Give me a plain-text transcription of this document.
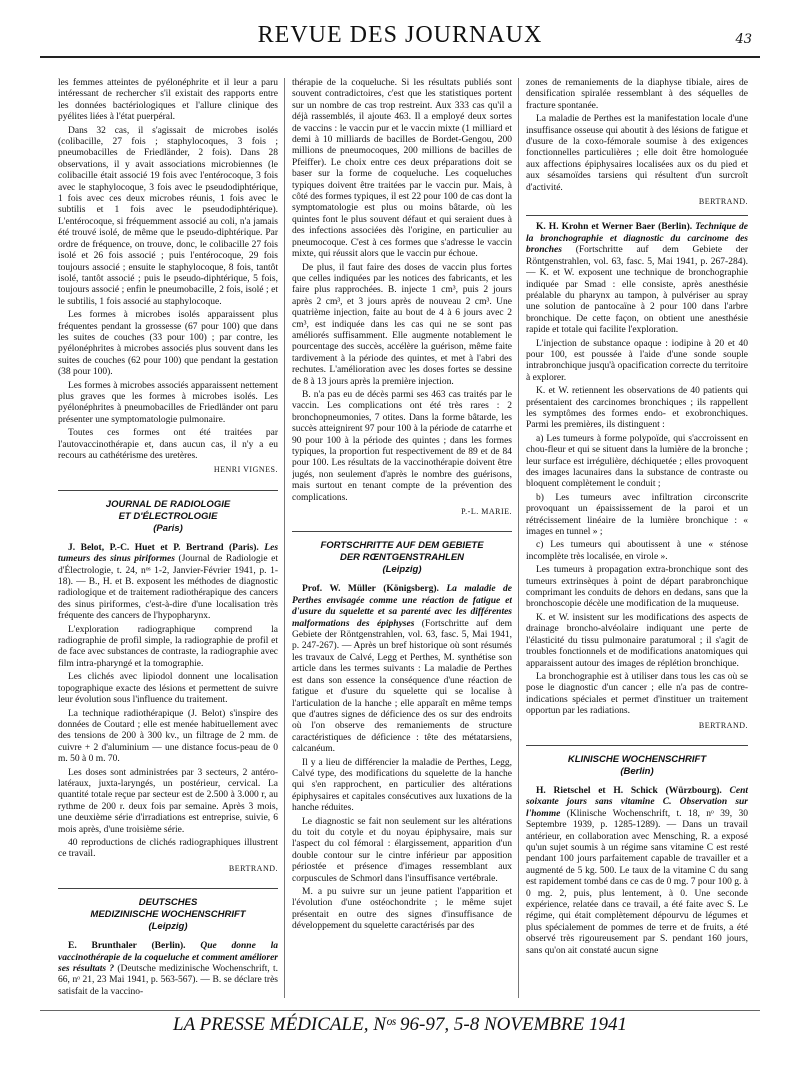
REVUE DES JOURNAUX	43

les femmes atteintes de pyélonéphrite et il leur a paru intéressant de rechercher s'il existait des rapports entre les données bactériologiques et l'allure clinique des pyélites liées à l'état puerpéral.

Dans 32 cas, il s'agissait de microbes isolés (colibacille, 27 fois ; staphylocoques, 3 fois ; pneumobacilles de Friedländer, 2 fois). Dans 28 observations, il y avait associations microbiennes (le colibacille était associé 19 fois avec l'entérocoque, 3 fois avec le staphylocoque, 3 fois avec le pseudodiphtérique, 1 fois avec ces deux microbes réunis, 1 fois avec le subtilis et 1 fois avec le pseudodiphtérique). L'entérocoque, si fréquemment associé au coli, n'a jamais été trouvé isolé, de même que le pseudo-diphtérique. Par ordre de fréquence, on trouve, donc, le colibacille 27 fois isolé et 26 fois associé ; puis l'entérocoque, 29 fois toujours associé ; ensuite le staphylocoque, 8 fois, tantôt isolé, tantôt associé ; puis le pseudo-diphtérique, 5 fois, toujours associé ; enfin le pneumobacille, 2 fois, isolé ; et le subtilis, 1 fois associé au staphylocoque.

Les formes à microbes isolés apparaissent plus fréquentes pendant la grossesse (67 pour 100) que dans les suites de couches (33 pour 100) ; par contre, les pyélonéphrites à microbes associés plus souvent dans les suites de couches (62 pour 100) que pendant la gestation (38 pour 100).

Les formes à microbes associés apparaissent nettement plus graves que les formes à microbes isolés. Les pyélonéphrites à pneumobacilles de Friedländer ont paru présenter une symptomatologie pulmonaire.

Toutes ces formes ont été traitées par l'autovaccinothérapie et, dans aucun cas, il n'y a eu recours au cathétérisme des uretères.

HENRI VIGNES.

JOURNAL DE RADIOLOGIE
ET D'ÉLECTROLOGIE
(Paris)

J. Belot, P.-C. Huet et P. Bertrand (Paris). Les tumeurs des sinus piriformes (Journal de Radiologie et d'Électrologie, t. 24, nᵒˢ 1-2, Janvier-Février 1941, p. 1-18). — B., H. et B. exposent les méthodes de diagnostic radiologique et de traitement radiothérapique des cancers des sinus piriformes, c'est-à-dire d'une localisation très fréquente des cancers de l'hypopharynx.

L'exploration radiographique comprend la radiographie de profil simple, la radiographie de profil et de face avec substances de contraste, la radiographie avec film intra-pharyngé et la tomographie.

Les clichés avec lipiodol donnent une localisation topographique exacte des lésions et permettent de suivre leur évolution sous l'influence du traitement.

La technique radiothérapique (J. Belot) s'inspire des données de Coutard ; elle est menée habituellement avec des tensions de 200 à 300 kv., un filtrage de 2 mm. de cuivre + 2 d'aluminium — une distance focus-peau de 0 m. 50 à 0 m. 70.

Les doses sont administrées par 3 secteurs, 2 antéro-latéraux, juxta-laryngés, un postérieur, cervical. La quantité totale reçue par secteur est de 2.500 à 3.000 r, au rythme de 200 r. deux fois par semaine. Après 3 mois, une deuxième série d'irradiations est entreprise, suivie, 6 mois après, d'une troisième série.

40 reproductions de clichés radiographiques illustrent ce travail.

BERTRAND.

DEUTSCHES
MEDIZINISCHE WOCHENSCHRIFT
(Leipzig)

E. Brunthaler (Berlin). Que donne la vaccinothérapie de la coqueluche et comment améliorer ses résultats ? (Deutsche medizinische Wochenschrift, t. 66, nᵒ 21, 23 Mai 1941, p. 563-567). — B. se déclare très satisfait de la vaccino-

thérapie de la coqueluche. Si les résultats publiés sont souvent contradictoires, c'est que les statistiques portent sur un nombre de cas trop restreint. Aux 333 cas qu'il a déjà rassemblés, il ajoute 463. Il a employé deux sortes de vaccins : le vaccin pur et le vaccin mixte (1 milliard et demi à 10 milliards de bacilles de Bordet-Gengou, 200 millions de pneumocoques, 200 millions de bacilles de Pfeiffer). Le choix entre ces deux préparations doit se baser sur la forme de coqueluche. Les coqueluches typiques doivent être traitées par le vaccin pur. Mais, à côté des formes typiques, il est 22 pour 100 de cas dont la symptomatologie est plus ou moins bâtarde, où les quintes font le plus souvent défaut et qui seraient dues à des infections associées dès l'origine, en particulier au pneumocoque. C'est à ces formes que s'adresse le vaccin mixte, qui réussit alors que le vaccin pur échoue.

De plus, il faut faire des doses de vaccin plus fortes que celles indiquées par les notices des fabricants, et les faire plus rapprochées. B. injecte 1 cm³, puis 2 jours après 2 cm³, et 3 jours après de nouveau 2 cm³. Une quatrième injection, faite au bout de 4 à 6 jours avec 2 cm³, est indiquée dans les cas qui ne se sont pas améliorés suffisamment. Elle augmente notablement le pourcentage des succès, accélère la guérison, même faite tardivement à la période des quintes, et met à l'abri des rechutes. L'amélioration avec les doses fortes se dessine de 8 à 13 jours après la première injection.

B. n'a pas eu de décès parmi ses 463 cas traités par le vaccin. Les complications ont été très rares : 2 bronchopneumonies, 7 otites. Dans la forme bâtarde, les succès atteignirent 97 pour 100 à la période de catarrhe et 90 pour 100 à la période des quintes ; dans les formes typiques, la proportion fut respectivement de 89 et de 84 pour 100. Les résultats de la vaccinothérapie doivent être jugés, non seulement d'après le nombre des guérisons, mais surtout en tenant compte de la prévention des complications.

P.-L. MARIE.

FORTSCHRITTE AUF DEM GEBIETE
DER RŒNTGENSTRAHLEN
(Leipzig)

Prof. W. Müller (Königsberg). La maladie de Perthes envisagée comme une réaction de fatigue et d'usure du squelette et sa parenté avec les différentes malformations des épiphyses (Fortschritte auf dem Gebiete der Röntgenstrahlen, vol. 63, fasc. 5, Mai 1941, p. 247-267). — Après un bref historique où sont résumés les travaux de Calvé, Legg et Perthes, M. synthétise son article dans les termes suivants : La maladie de Perthes est dans son essence la conséquence d'une réaction de fatigue et d'usure du squelette qui se localise à l'articulation de la hanche ; elle apparaît en même temps que d'autres signes de déficience des os sur des endroits où l'on observe des remaniements de structure caractéristiques de déficience : tête des métatarsiens, calcanéum.

Il y a lieu de différencier la maladie de Perthes, Legg, Calvé type, des modifications du squelette de la hanche qui s'en rapprochent, en particulier des altérations épiphysaires et capitales consécutives aux luxations de la hanche réduites.

Le diagnostic se fait non seulement sur les altérations du toit du cotyle et du noyau épiphysaire, mais sur l'aspect du col fémoral : élargissement, apparition d'un double contour sur le cintre inférieur par apposition périostée et présence d'images ressemblant aux corpuscules de Schmorl dans l'insuffisance vertébrale.

M. a pu suivre sur un jeune patient l'apparition et l'évolution d'une ostéochondrite ; le même sujet présentait en outre des signes d'insuffisance de développement du squelette caractérisés par des

zones de remaniements de la diaphyse tibiale, aires de densification spiralée ressemblant à des séquelles de fracture spontanée.

La maladie de Perthes est la manifestation locale d'une insuffisance osseuse qui aboutit à des lésions de fatigue et d'usure de la coxo-fémorale soumise à des exigences fonctionnelles particulières ; elle doit être homologuée aux affections épiphysaires localisées aux os du pied et aux sésamoïdes tarsiens qui résultent d'un surcroît d'activité.

BERTRAND.

K. H. Krohn et Werner Baer (Berlin). Technique de la bronchographie et diagnostic du carcinome des bronches (Fortschritte auf dem Gebiete der Röntgenstrahlen, vol. 63, fasc. 5, Mai 1941, p. 267-284). — K. et W. exposent une technique de bronchographie indiquée par Smad : elle consiste, après anesthésie préalable du pharynx au tampon, à pulvériser au spray une solution de pantocaïne à 2 pour 100 dans l'arbre bronchique. De cette façon, on obtient une anesthésie rapide et totale qui facilite l'exploration.

L'injection de substance opaque : iodipine à 20 et 40 pour 100, est poussée à l'aide d'une sonde souple intrabronchique jusqu'à opacification correcte du territoire à explorer.

K. et W. retiennent les observations de 40 patients qui présentaient des carcinomes bronchiques ; ils rappellent les symptômes des formes endo- et exobronchiques. Parmi les premières, ils distinguent :

a) Les tumeurs à forme polypoïde, qui s'accroissent en chou-fleur et qui se situent dans la lumière de la bronche ; leur surface est irrégulière, déchiquetée ; elles provoquent des images lacunaires dans la substance de contraste ou bloquent complètement le conduit ;

b) Les tumeurs avec infiltration circonscrite provoquant un épaississement de la paroi et un rétrécissement linéaire de la lumière bronchique : « images en tunnel » ;

c) Les tumeurs qui aboutissent à une « sténose incomplète très localisée, en virole ».

Les tumeurs à propagation extra-bronchique sont des tumeurs extrinsèques à point de départ parabronchique comprimant les conduits de dehors en dedans, sans que la bronchoscopie décèle une modification de la muqueuse.

K. et W. insistent sur les modifications des aspects de drainage broncho-alvéolaire indiquant une perte de l'élasticité du tissu pulmonaire paratumoral ; il s'agit de troubles fonctionnels et de modifications anatomiques qui apparaissent autour des images de réplétion bronchique.

La bronchographie est à utiliser dans tous les cas où se pose le diagnostic d'un cancer ; elle n'a pas de contre-indications spéciales et permet d'instituer un traitement opportun par les radiations.

BERTRAND.

KLINISCHE WOCHENSCHRIFT
(Berlin)

H. Rietschel et H. Schick (Würzbourg). Cent soixante jours sans vitamine C. Observation sur l'homme (Klinische Wochenschrift, t. 18, nᵒ 39, 30 Septembre 1939, p. 1285-1289). — Dans un travail antérieur, en collaboration avec Mensching, R. a exposé qu'un sujet soumis à un régime sans vitamine C est resté pendant 100 jours parfaitement capable de travailler et a augmenté de 5 kg. 500. Le taux de la vitamine C du sang est rapidement tombé dans ce cas de 0 mg. 7 pour 100 g. à 0 mg. 2, puis, plus lentement, à 0. Une seconde expérience, relatée dans ce travail, a été faite avec S. Le régime, qui était complètement dépourvu de légumes et plus spécialement de pommes de terre et de fruits, a été observé très rigoureusement par S. pendant 160 jours, sans qu'on ait constaté aucun signe

LA PRESSE MÉDICALE, Nᵒˢ 96-97, 5-8 NOVEMBRE 1941
